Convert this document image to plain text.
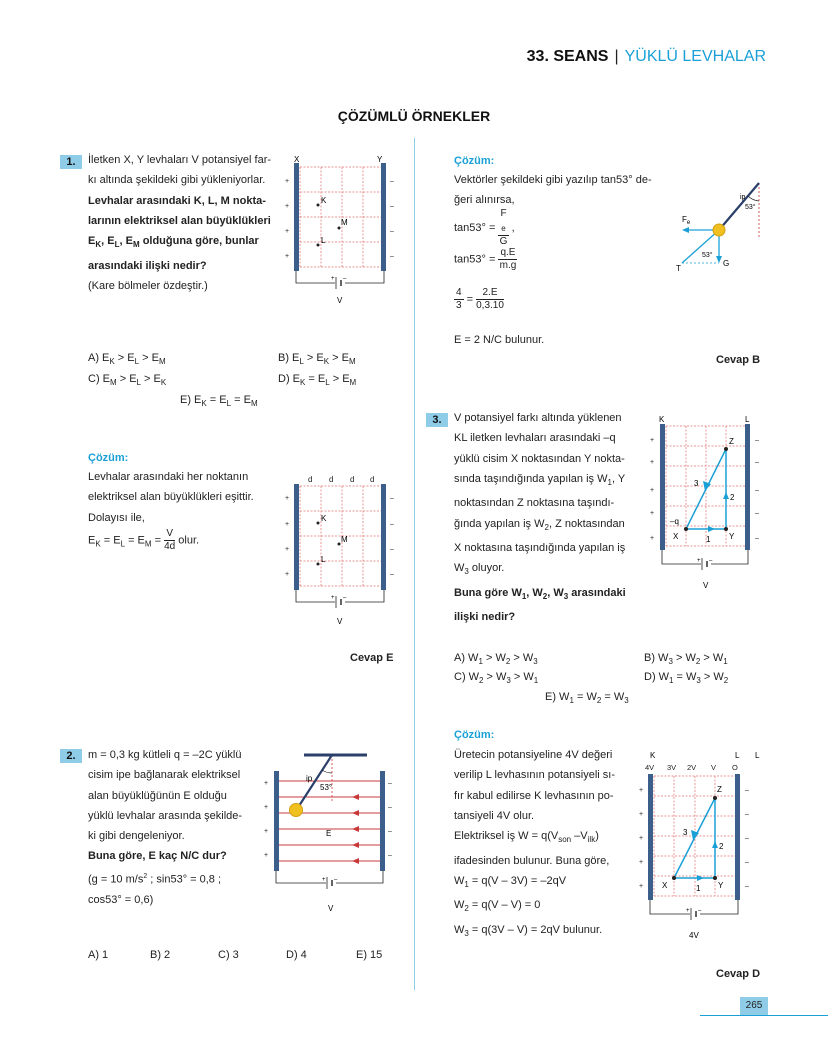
33. SEANS | YÜKLÜ LEVHALAR
ÇÖZÜMLÜ ÖRNEKLER
1.	İletken X, Y levhaları V potansiyel far-
kı altında şekildeki gibi yükleniyorlar.
Levhalar arasındaki K, L, M nokta-
larının elektriksel alan büyüklükleri
$E_K$, $E_L$, $E_M$ olduğuna göre, bunlar
arasındaki ilişki nedir?
(Kare bölmeler özdeştir.)
+
+
+
+
–
–
–
–
X	Y
K
M
L
+ –
V
A) $E_K > E_L > E_M$	B) $E_L > E_K > E_M$
C) $E_M > E_L > E_K$	D) $E_K = E_L > E_M$
E) $E_K = E_L = E_M$
Çözüm:
Levhalar arasındaki her noktanın
elektriksel alan büyüklükleri eşittir.
Dolayısı ile,
$E_K = E_L = E_M = \frac{V}{4d}$ olur.
d d d d
+
+
+
+
–
–
–
–
K
M
L
+ –
V
Cevap E
2.	m = 0,3 kg kütleli q = –2C yüklü
cisim ipe bağlanarak elektriksel
alan büyüklüğünün E olduğu
yüklü levhalar arasında şekilde-
ki gibi dengeleniyor.
Buna göre, E kaç N/C dur?
(g = 10 $m/s^2$ ; sin53° = 0,8 ;
cos53° = 0,6)
+
+
+
+
–
–
–
–
ip
53°
E
+ –
V
A) 1	B) 2	C) 3	D) 4	E) 15
Çözüm:
Vektörler şekildeki gibi yazılıp tan53° de-
ğeri alınırsa,
tan53° = F
$_e$
G ,
$\tan 53^\circ = \frac{q.E}{m.g}$
$\frac{4}{3} = \frac{2.E}{0,3.10}$
E = 2 N/C bulunur.
Cevap B
ip
53°
$F_e$
53°
T
G
3.	V potansiyel farkı altında yüklenen
KL iletken levhaları arasındaki –q
yüklü cisim X noktasından Y nokta-
sında taşındığında yapılan iş $W_1$, Y
noktasından Z noktasına taşındı-
ğında yapılan iş $W_2$, Z noktasından
X noktasına taşındığında yapılan iş
$W_3$ oluyor.
Buna göre $W_1$, $W_2$, $W_3$ arasındaki
ilişki nedir?
K	L
+
+
+
+
+
–
–
–
–
–
Z
X	Y
–q
3
2
1
+ –
V
A) $W_1 > W_2 > W_3$	B) $W_3 > W_2 > W_1$
C) $W_2 > W_3 > W_1$	D) $W_1 = W_3 > W_2$
E) $W_1 = W_2 = W_3$
Çözüm:
Üretecin potansiyeline 4V değeri
verilip L levhasının potansiyeli sı-
fır kabul edilirse K levhasının po-
tansiyeli 4V olur.
Elektriksel iş $W = q(V_{son}$ $-V_{ilk}$)
ifadesinden bulunur. Buna göre,
$W_1 = q(V - 3V) = -2qV$
$W_2 = q(V - V) = 0$
$W_3 = q(3V - V) = 2qV$ bulunur.
Cevap D
K	L L
4V 3V 2V V O
+
+
+
+
+
–
–
–
–
–
Z
X	Y
3
2
1
+ –
4V
265
